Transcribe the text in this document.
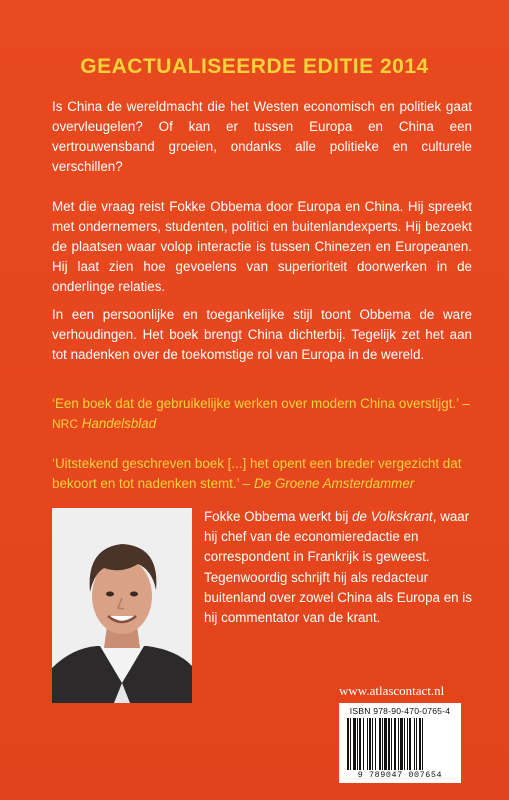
GEACTUALISEERDE EDITIE 2014
Is China de wereldmacht die het Westen economisch en politiek gaat overvleugelen? Of kan er tussen Europa en China een vertrouwensband groeien, ondanks alle politieke en culturele verschillen?
Met die vraag reist Fokke Obbema door Europa en China. Hij spreekt met ondernemers, studenten, politici en buitenlandexperts. Hij bezoekt de plaatsen waar volop interactie is tussen Chinezen en Europeanen. Hij laat zien hoe gevoelens van superioriteit doorwerken in de onderlinge relaties.
In een persoonlijke en toegankelijke stijl toont Obbema de ware verhoudingen. Het boek brengt China dichterbij. Tegelijk zet het aan tot nadenken over de toekomstige rol van Europa in de wereld.
‘Een boek dat de gebruikelijke werken over modern China overstijgt.’ – NRC Handelsblad
‘Uitstekend geschreven boek [...] het opent een breder vergezicht dat bekoort en tot nadenken stemt.’ – De Groene Amsterdammer
Fokke Obbema werkt bij de Volkskrant, waar hij chef van de economieredactie en correspondent in Frankrijk is geweest. Tegenwoordig schrijft hij als redacteur buitenland over zowel China als Europa en is hij commentator van de krant.
www.atlascontact.nl
ISBN 978-90-470-0765-4
9 789047 007654
